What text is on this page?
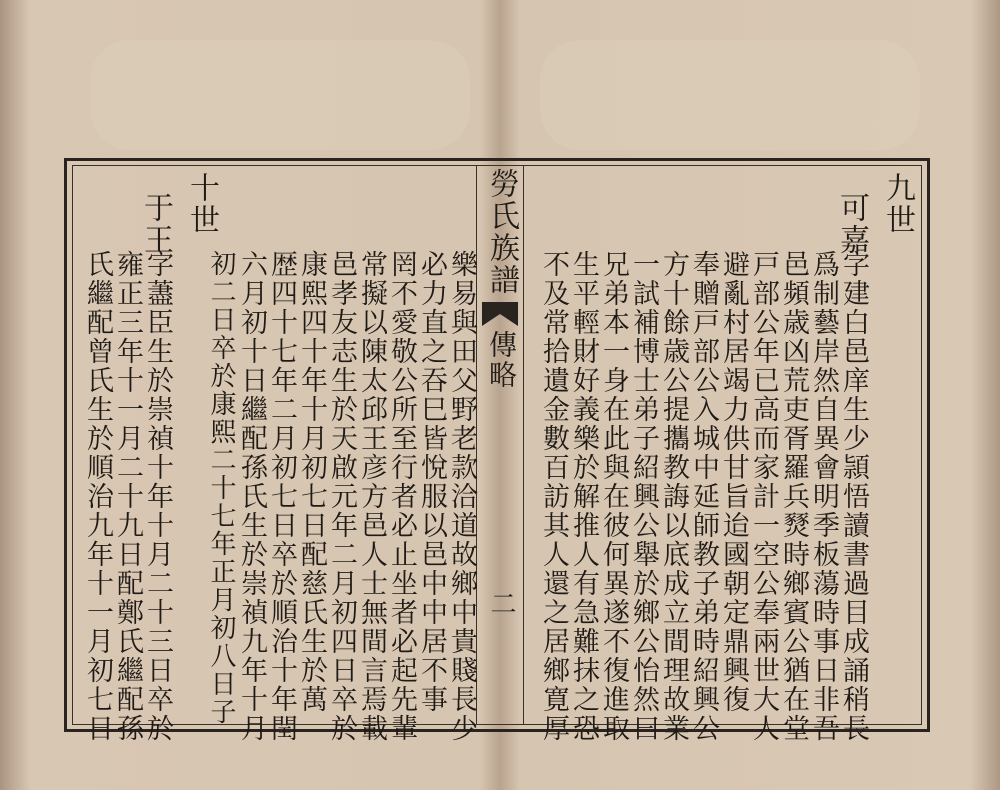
勞氏族譜
傳略
二
九世
可嘉
字建白邑庠生少頴悟讀書過目成誦稍長
爲制藝岸然自異會明季板蕩時事日非吾
邑頻歳凶荒吏胥羅兵燹時鄉賓公猶在堂
戸部公年已高而家計一空公奉兩世大人
避亂村居竭力供甘旨迨國朝定鼎興復
奉贈戸部公入城中延師教子弟時紹興公
方十餘歳公提攜教誨以底成立間理故業
一試補博士弟子紹興公舉於鄉公怡然曰
兄弟本一身在此與在彼何異遂不復進取
生平輕財好義樂於解推人有急難抹之恐
不及常拾遺金數百訪其人還之居鄉寛厚
樂易與田父野老款洽道故鄉中貴賤長少
必力直之吞巳皆悅服以邑中中居不事
罔不愛敬公所至行者必止坐者必起先輩
常擬以陳太邱王彦方邑人士無間言焉載
邑孝友志生於天啟元年二月初四日卒於
康熙四十年十月初七日配慈氏生於萬
歴四十七年二月初七日卒於順治十年閏
六月初十日繼配孫氏生於崇禎九年十月
十世
于王
字藎臣生於崇禎十年十月二十三日卒於
雍正三年十一月二十九日配鄭氏繼配孫
氏繼配曾氏生於順治九年十一月初七日	初二日卒於康熙二十七年正月初八日子
